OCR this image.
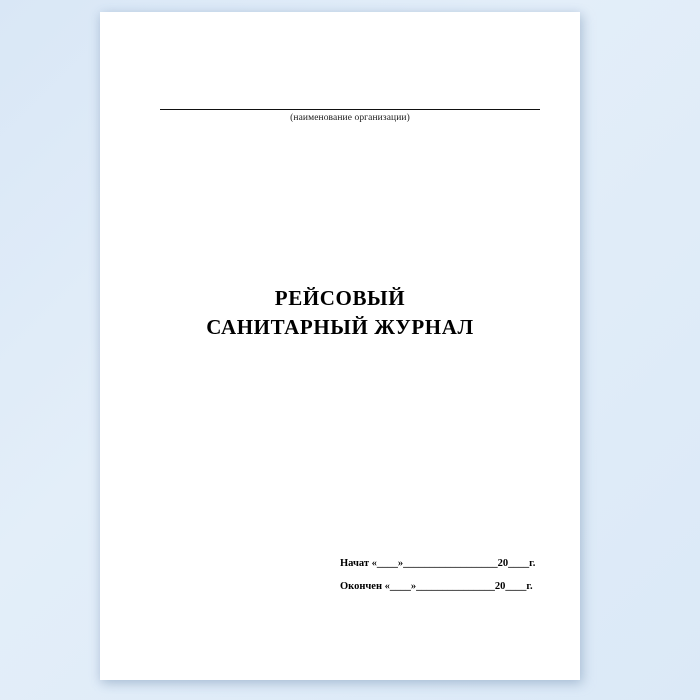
(наименование организации)
РЕЙСОВЫЙ
САНИТАРНЫЙ ЖУРНАЛ
Начат «____»__________________20____г.
Окончен «____»_______________20____г.
